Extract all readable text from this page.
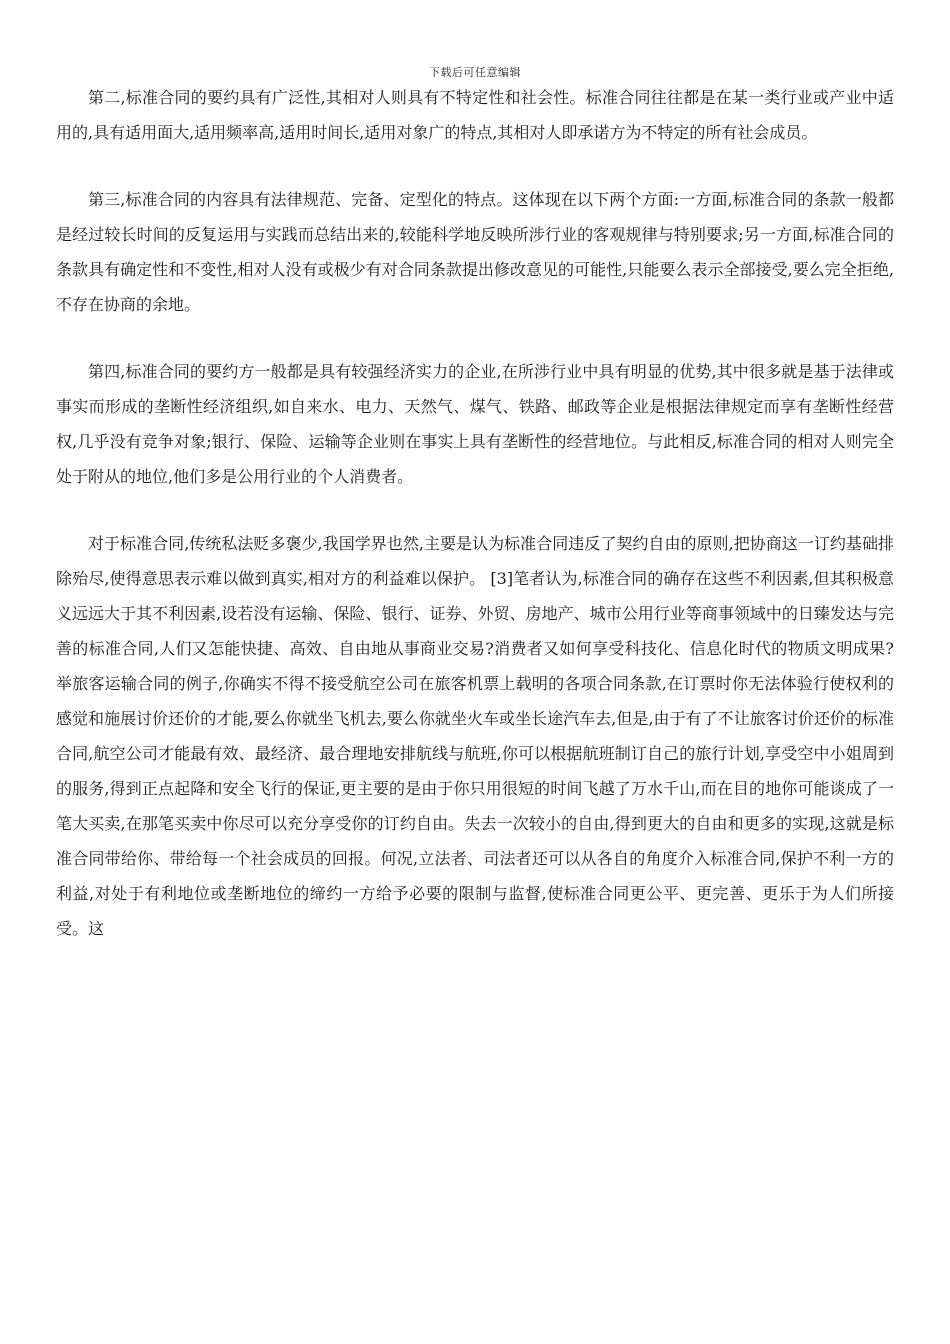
下载后可任意编辑

第二,标准合同的要约具有广泛性,其相对人则具有不特定性和社会性。标准合同往往都是在某一类行业或产业中适用的,具有适用面大,适用频率高,适用时间长,适用对象广的特点,其相对人即承诺方为不特定的所有社会成员。

第三,标准合同的内容具有法律规范、完备、定型化的特点。这体现在以下两个方面:一方面,标准合同的条款一般都是经过较长时间的反复运用与实践而总结出来的,较能科学地反映所涉行业的客观规律与特别要求;另一方面,标准合同的条款具有确定性和不变性,相对人没有或极少有对合同条款提出修改意见的可能性,只能要么表示全部接受,要么完全拒绝,不存在协商的余地。

第四,标准合同的要约方一般都是具有较强经济实力的企业,在所涉行业中具有明显的优势,其中很多就是基于法律或事实而形成的垄断性经济组织,如自来水、电力、天然气、煤气、铁路、邮政等企业是根据法律规定而享有垄断性经营权,几乎没有竞争对象;银行、保险、运输等企业则在事实上具有垄断性的经营地位。与此相反,标准合同的相对人则完全处于附从的地位,他们多是公用行业的个人消费者。

对于标准合同,传统私法贬多褒少,我国学界也然,主要是认为标准合同违反了契约自由的原则,把协商这一订约基础排除殆尽,使得意思表示难以做到真实,相对方的利益难以保护。 [3]笔者认为,标准合同的确存在这些不利因素,但其积极意义远远大于其不利因素,设若没有运输、保险、银行、证券、外贸、房地产、城市公用行业等商事领域中的日臻发达与完善的标准合同,人们又怎能快捷、高效、自由地从事商业交易?消费者又如何享受科技化、信息化时代的物质文明成果?举旅客运输合同的例子,你确实不得不接受航空公司在旅客机票上载明的各项合同条款,在订票时你无法体验行使权利的感觉和施展讨价还价的才能,要么你就坐飞机去,要么你就坐火车或坐长途汽车去,但是,由于有了不让旅客讨价还价的标准合同,航空公司才能最有效、最经济、最合理地安排航线与航班,你可以根据航班制订自己的旅行计划,享受空中小姐周到的服务,得到正点起降和安全飞行的保证,更主要的是由于你只用很短的时间飞越了万水千山,而在目的地你可能谈成了一笔大买卖,在那笔买卖中你尽可以充分享受你的订约自由。失去一次较小的自由,得到更大的自由和更多的实现,这就是标准合同带给你、带给每一个社会成员的回报。何况,立法者、司法者还可以从各自的角度介入标准合同,保护不利一方的利益,对处于有利地位或垄断地位的缔约一方给予必要的限制与监督,使标准合同更公平、更完善、更乐于为人们所接受。这
